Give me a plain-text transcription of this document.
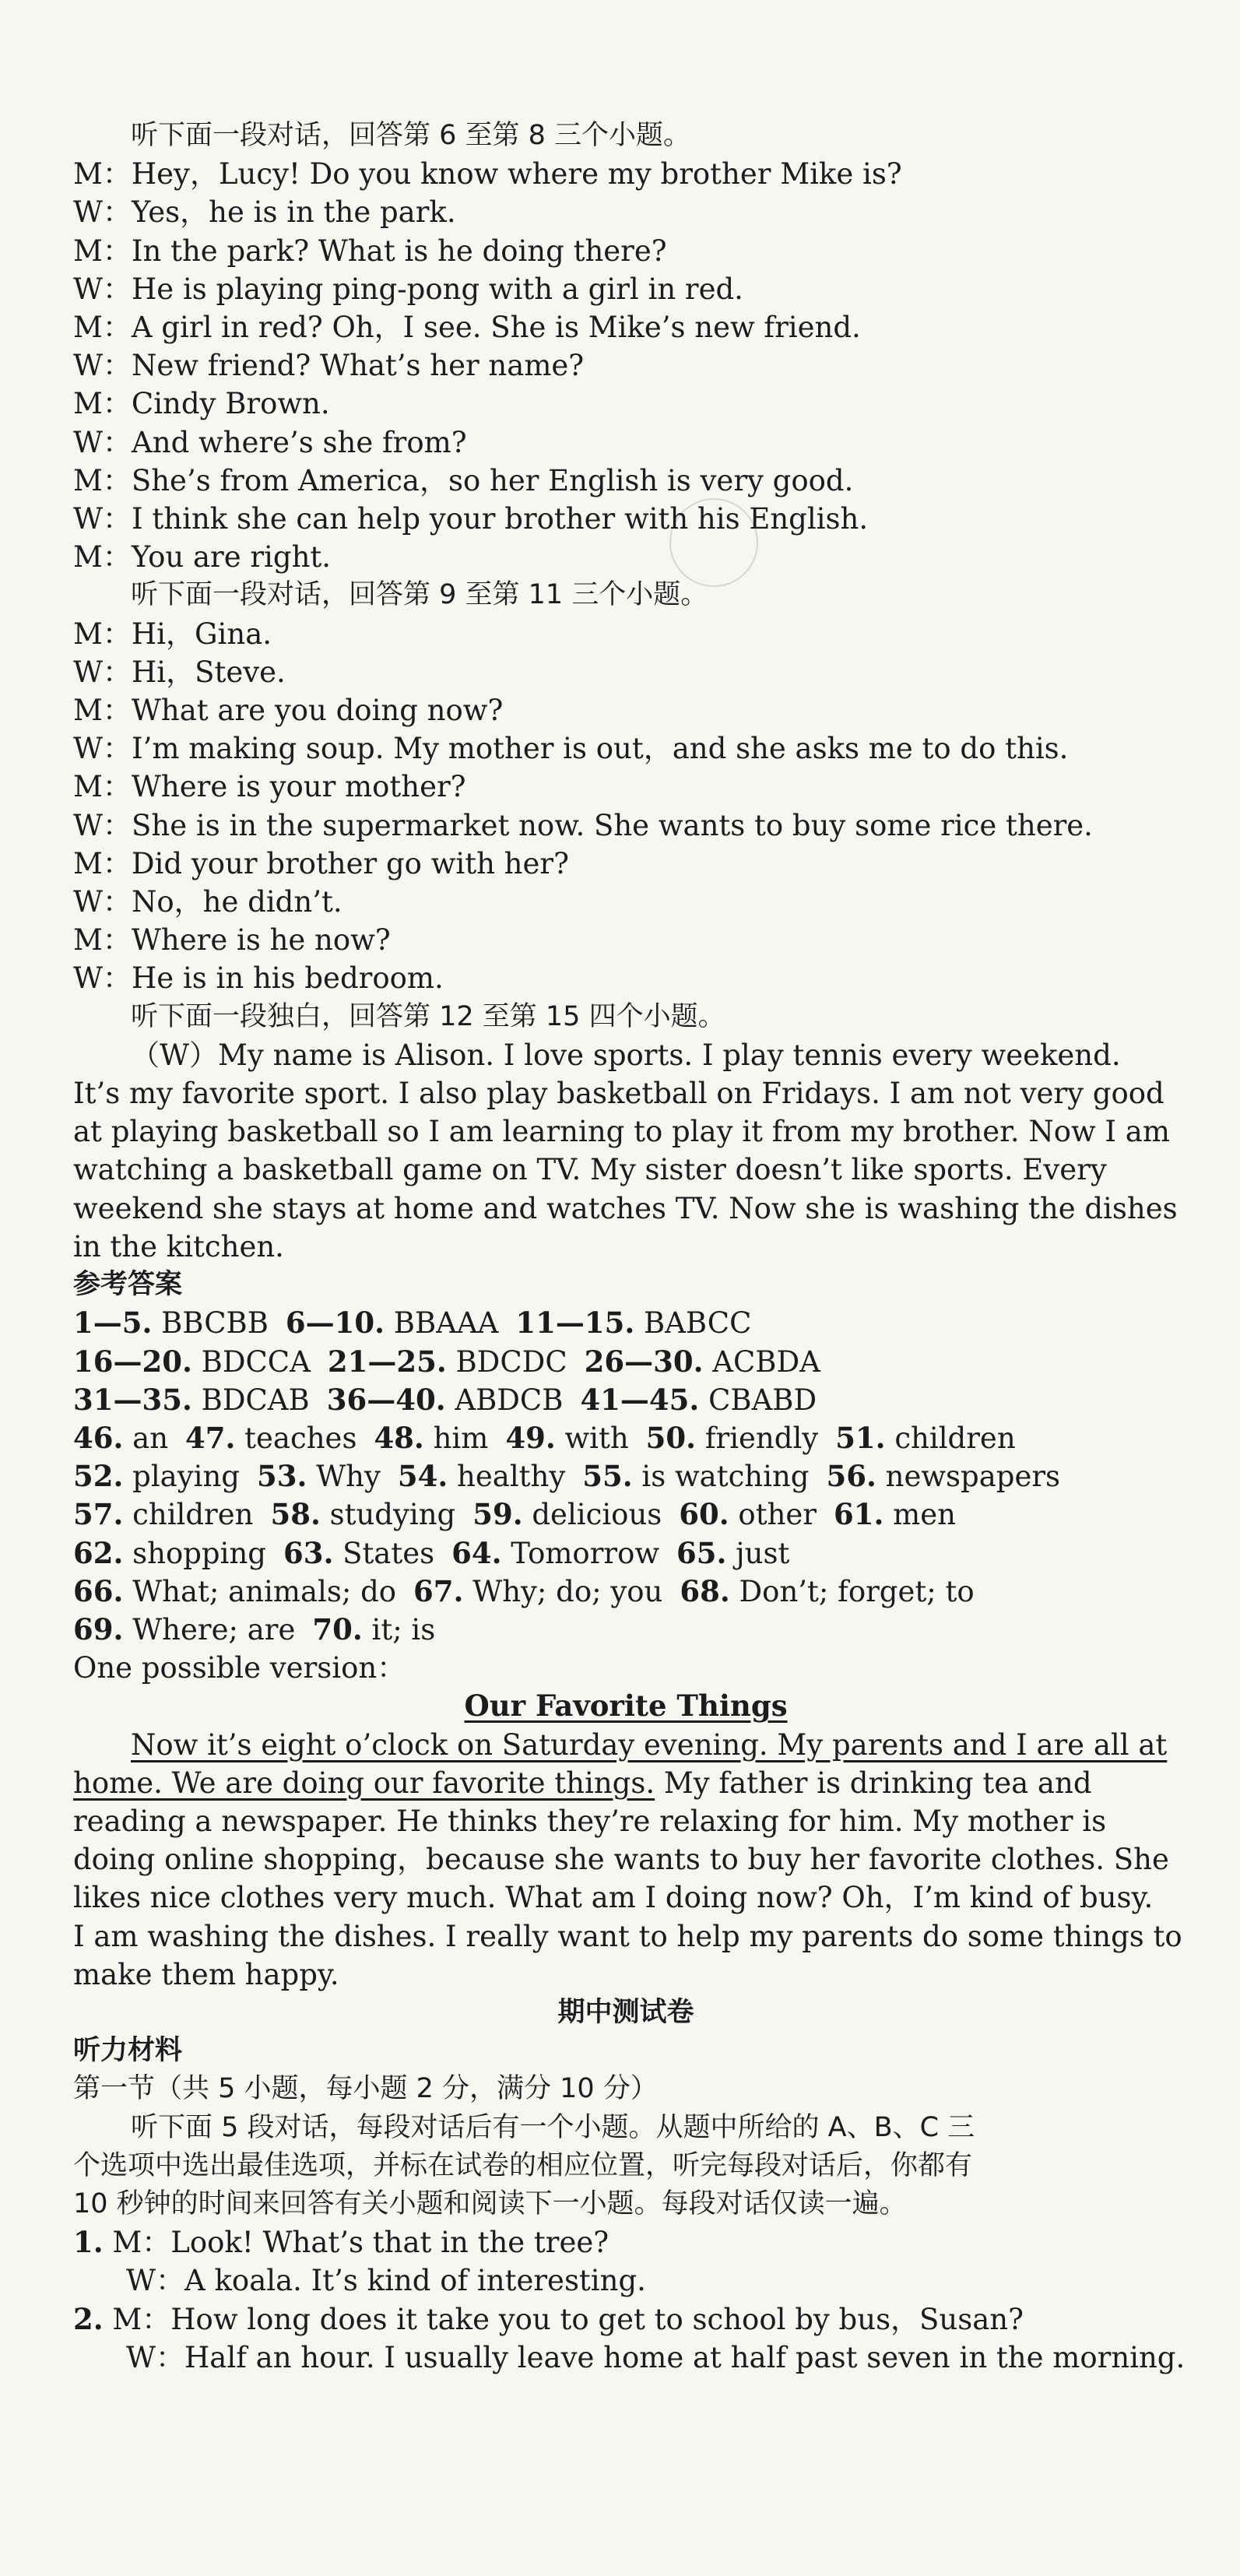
听下面一段对话，回答第 6 至第 8 三个小题。
M：Hey，Lucy! Do you know where my brother Mike is?
W：Yes，he is in the park.
M：In the park? What is he doing there?
W：He is playing ping-pong with a girl in red.
M：A girl in red? Oh，I see. She is Mike’s new friend.
W：New friend? What’s her name?
M：Cindy Brown.
W：And where’s she from?
M：She’s from America，so her English is very good.
W：I think she can help your brother with his English.
M：You are right.
听下面一段对话，回答第 9 至第 11 三个小题。
M：Hi，Gina.
W：Hi，Steve.
M：What are you doing now?
W：I’m making soup. My mother is out，and she asks me to do this.
M：Where is your mother?
W：She is in the supermarket now. She wants to buy some rice there.
M：Did your brother go with her?
W：No，he didn’t.
M：Where is he now?
W：He is in his bedroom.
听下面一段独白，回答第 12 至第 15 四个小题。
（W）My name is Alison. I love sports. I play tennis every weekend.
It’s my favorite sport. I also play basketball on Fridays. I am not very good
at playing basketball so I am learning to play it from my brother. Now I am
watching a basketball game on TV. My sister doesn’t like sports. Every
weekend she stays at home and watches TV. Now she is washing the dishes
in the kitchen.
参考答案
1—5. BBCBB 6—10. BBAAA 11—15. BABCC
16—20. BDCCA 21—25. BDCDC 26—30. ACBDA
31—35. BDCAB 36—40. ABDCB 41—45. CBABD
46. an 47. teaches 48. him 49. with 50. friendly 51. children
52. playing 53. Why 54. healthy 55. is watching 56. newspapers
57. children 58. studying 59. delicious 60. other 61. men
62. shopping 63. States 64. Tomorrow 65. just
66. What; animals; do 67. Why; do; you 68. Don’t; forget; to
69. Where; are 70. it; is
One possible version：
Our Favorite Things
Now it’s eight o’clock on Saturday evening. My parents and I are all at
home. We are doing our favorite things. My father is drinking tea and
reading a newspaper. He thinks they’re relaxing for him. My mother is
doing online shopping，because she wants to buy her favorite clothes. She
likes nice clothes very much. What am I doing now? Oh，I’m kind of busy.
I am washing the dishes. I really want to help my parents do some things to
make them happy.
期中测试卷
听力材料
第一节（共 5 小题，每小题 2 分，满分 10 分）
听下面 5 段对话，每段对话后有一个小题。从题中所给的 A、B、C 三
个选项中选出最佳选项，并标在试卷的相应位置，听完每段对话后，你都有
10 秒钟的时间来回答有关小题和阅读下一小题。每段对话仅读一遍。
1. M：Look! What’s that in the tree?
W：A koala. It’s kind of interesting.
2. M：How long does it take you to get to school by bus，Susan?
W：Half an hour. I usually leave home at half past seven in the morning.
